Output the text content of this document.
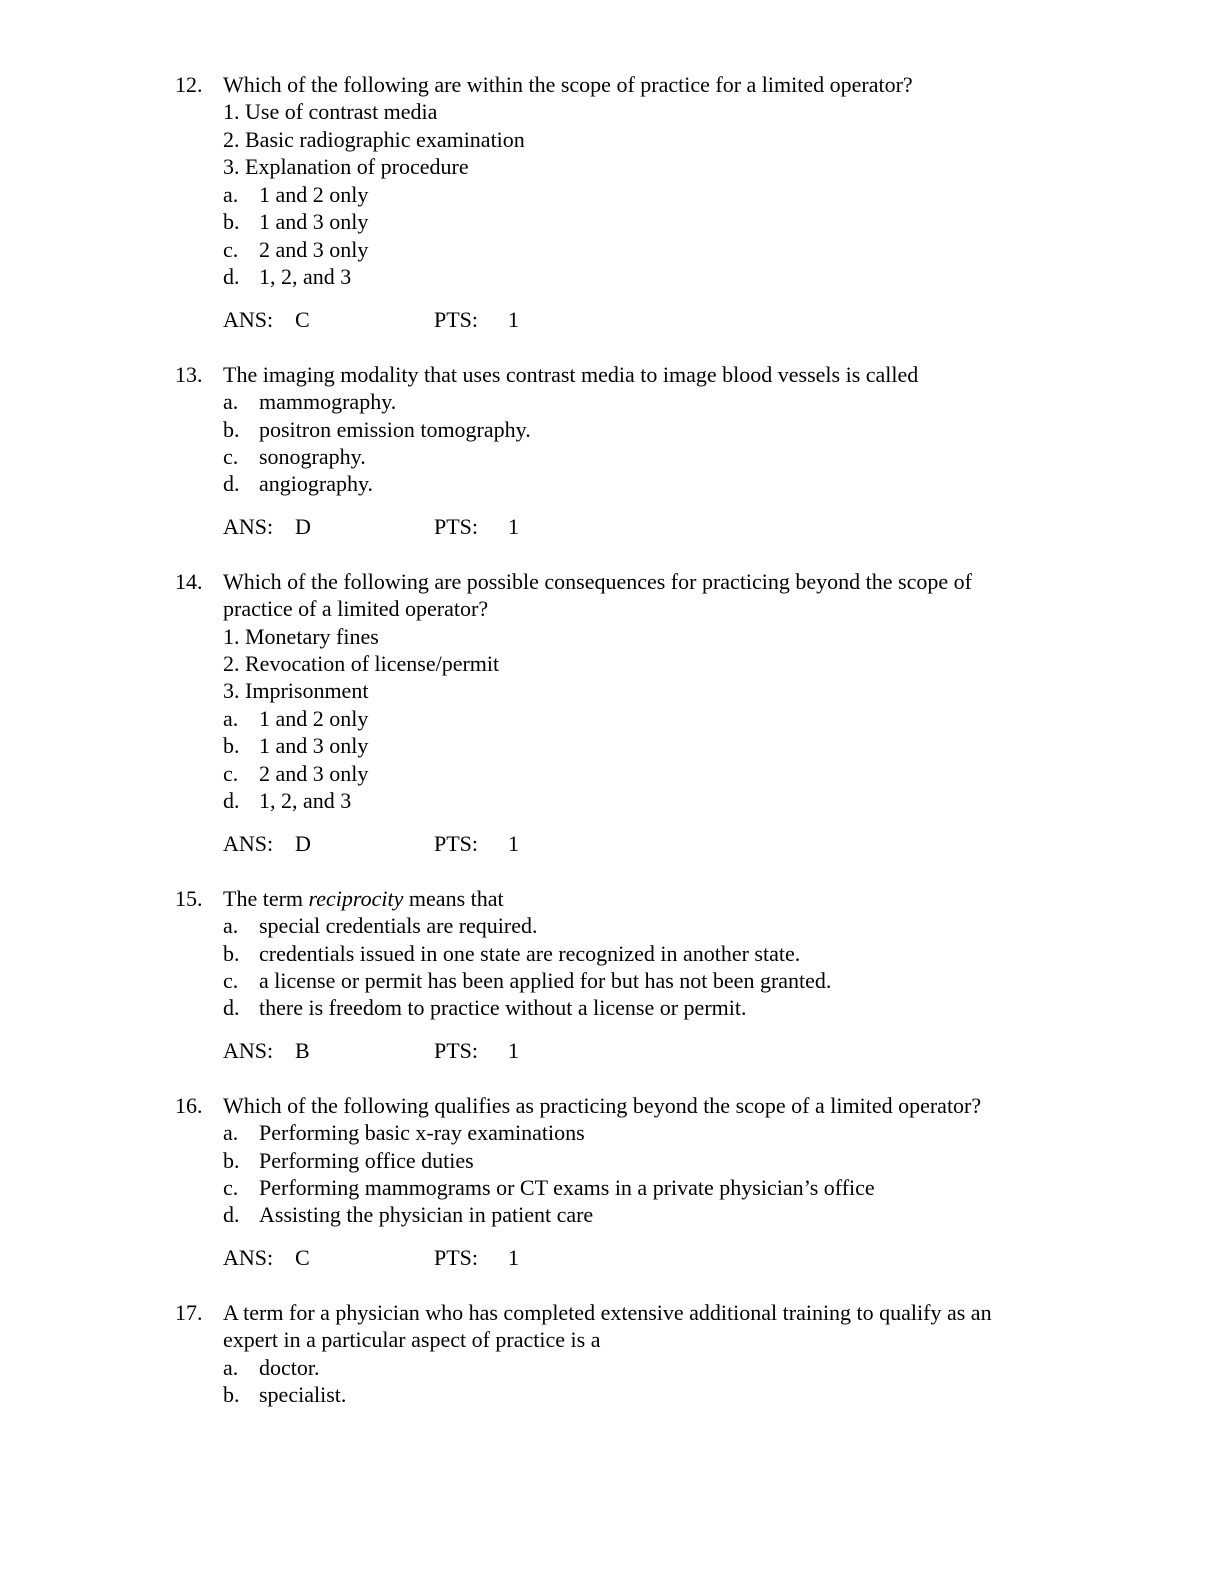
12. Which of the following are within the scope of practice for a limited operator?
1. Use of contrast media
2. Basic radiographic examination
3. Explanation of procedure
a. 1 and 2 only
b. 1 and 3 only
c. 2 and 3 only
d. 1, 2, and 3
ANS: C	PTS: 1
13. The imaging modality that uses contrast media to image blood vessels is called
a. mammography.
b. positron emission tomography.
c. sonography.
d. angiography.
ANS: D	PTS: 1
14. Which of the following are possible consequences for practicing beyond the scope of
practice of a limited operator?
1. Monetary fines
2. Revocation of license/permit
3. Imprisonment
a. 1 and 2 only
b. 1 and 3 only
c. 2 and 3 only
d. 1, 2, and 3
ANS: D	PTS: 1
15. The term reciprocity means that
a. special credentials are required.
b. credentials issued in one state are recognized in another state.
c. a license or permit has been applied for but has not been granted.
d. there is freedom to practice without a license or permit.
ANS: B	PTS: 1
16. Which of the following qualifies as practicing beyond the scope of a limited operator?
a. Performing basic x-ray examinations
b. Performing office duties
c. Performing mammograms or CT exams in a private physician’s office
d. Assisting the physician in patient care
ANS: C	PTS: 1
17. A term for a physician who has completed extensive additional training to qualify as an
expert in a particular aspect of practice is a
a. doctor.
b. specialist.
